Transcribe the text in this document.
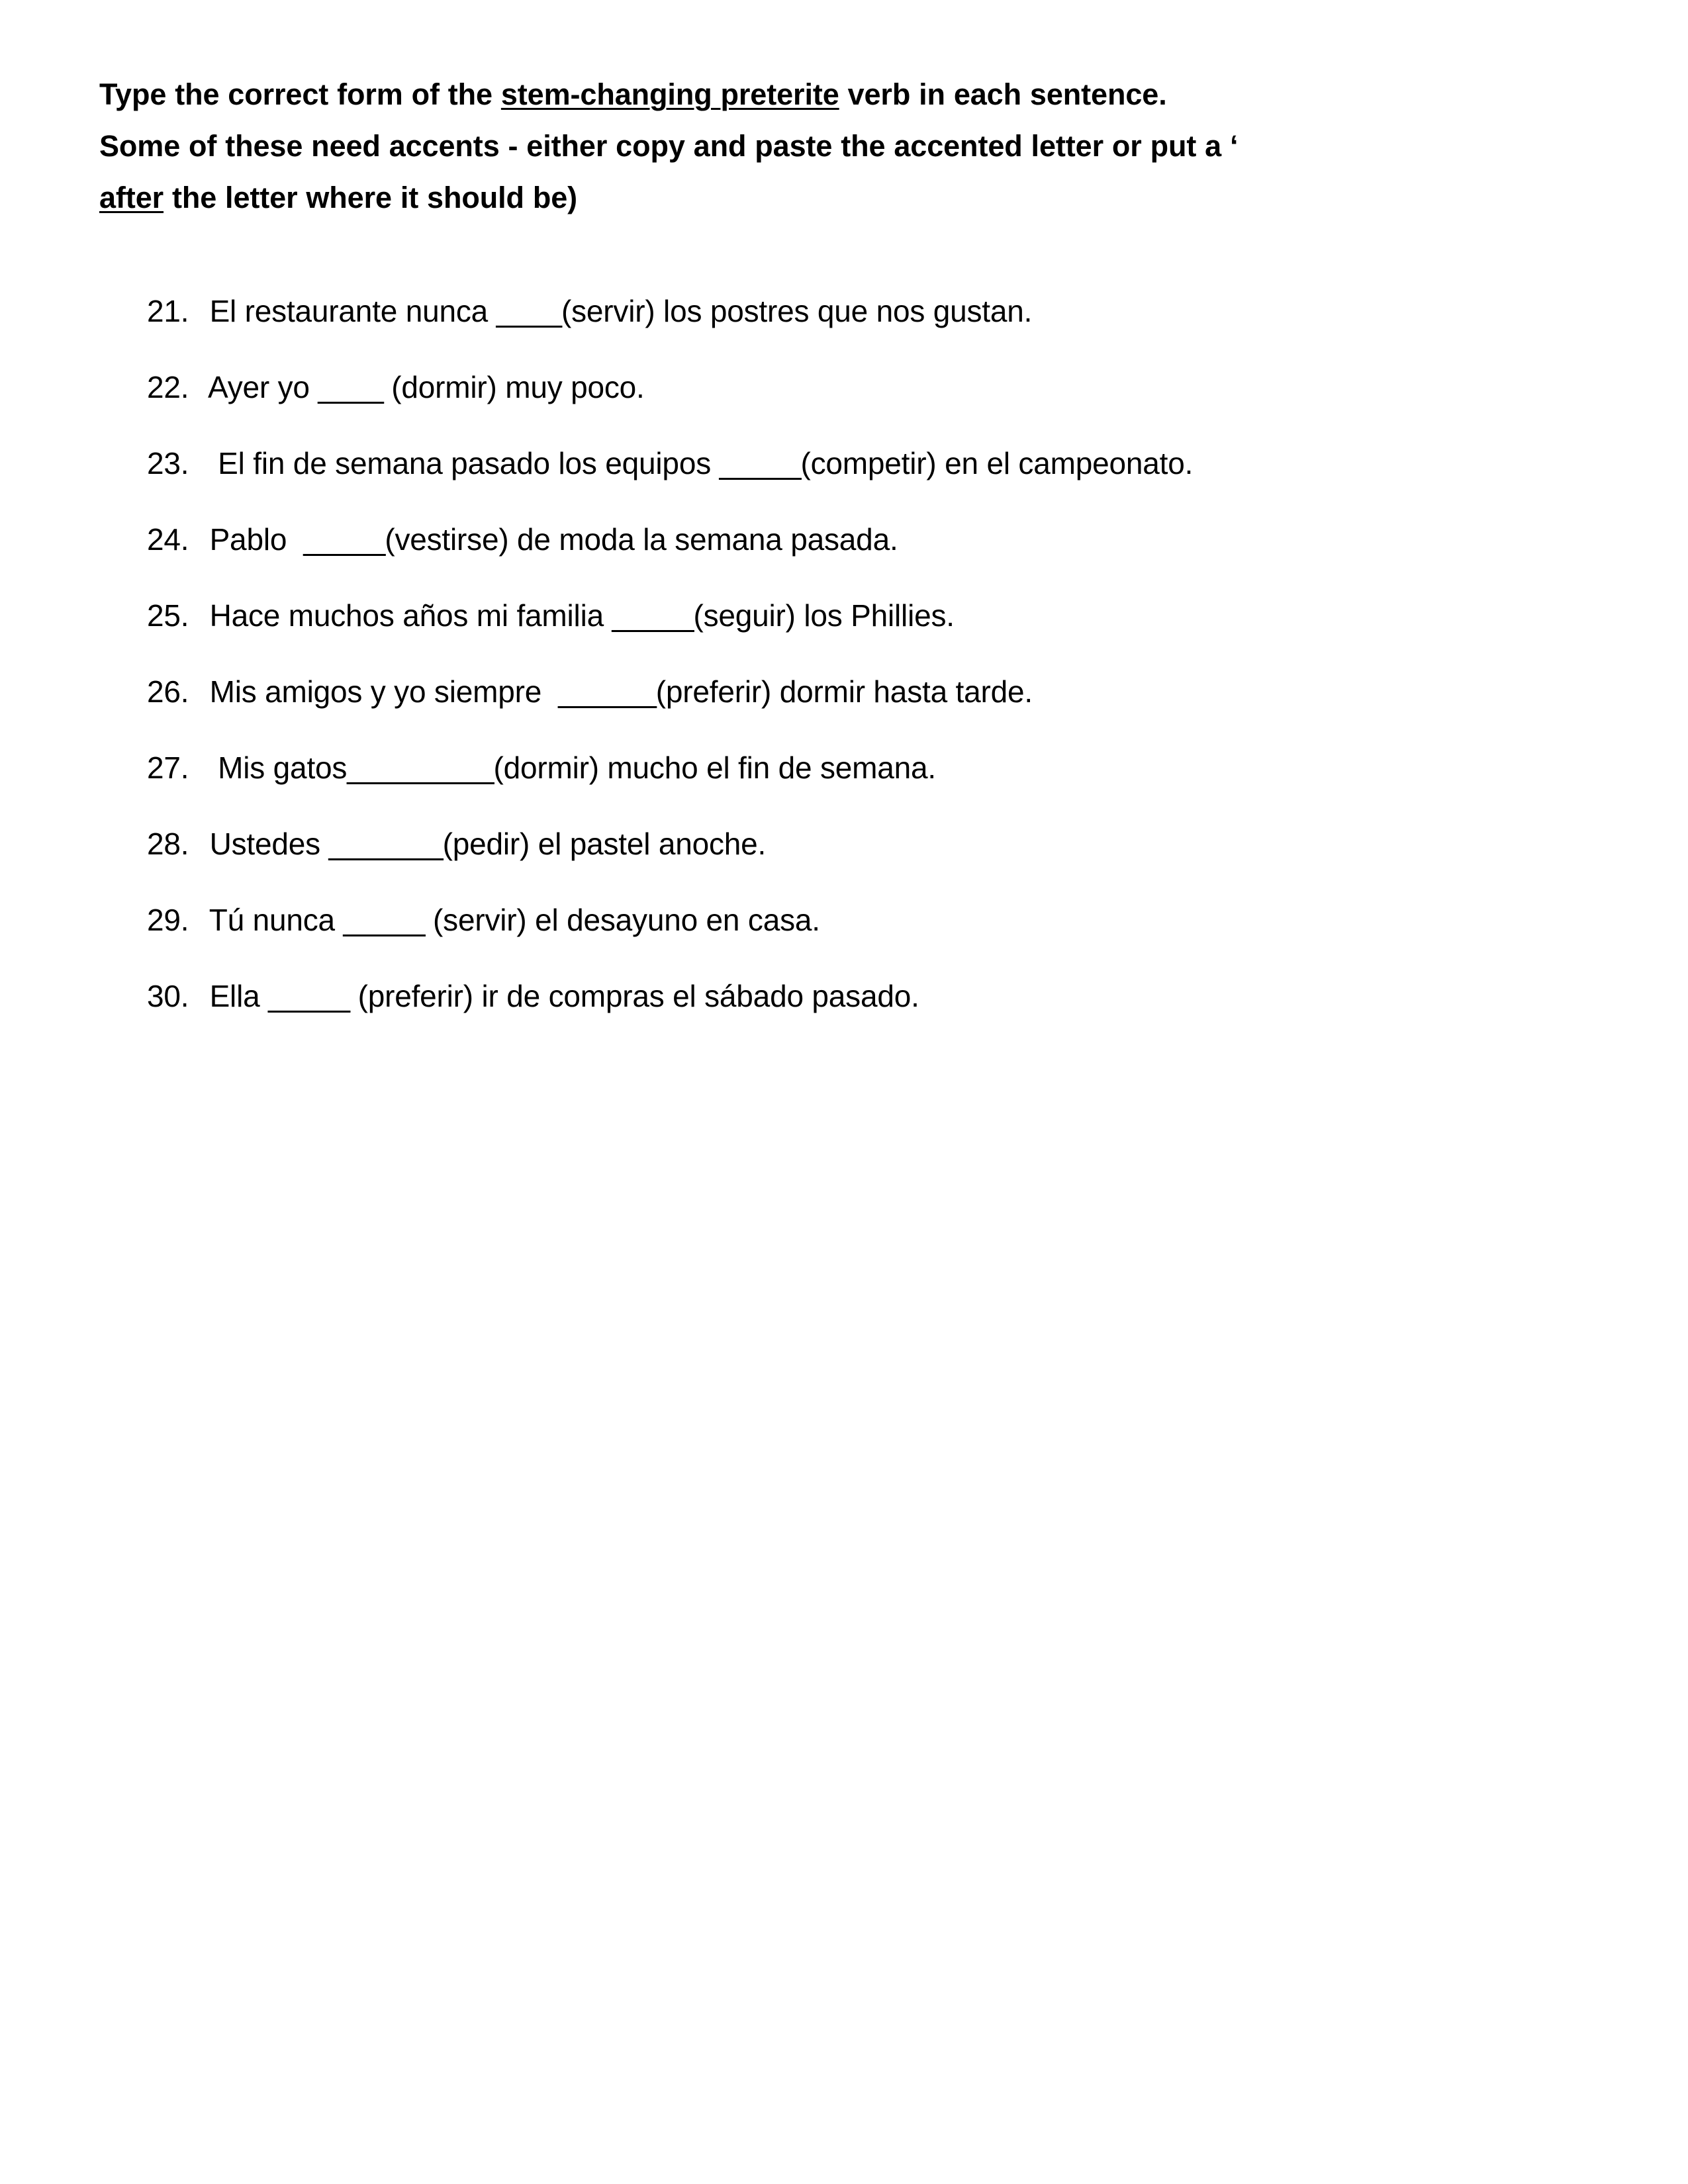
Type the correct form of the stem-changing preterite verb in each sentence.
Some of these need accents - either copy and paste the accented letter or put a ‘
after the letter where it should be)
21. El restaurante nunca ____(servir) los postres que nos gustan.
22. Ayer yo ____ (dormir) muy poco.
23.  El fin de semana pasado los equipos _____(competir) en el campeonato.
24. Pablo  _____(vestirse) de moda la semana pasada.
25. Hace muchos años mi familia _____(seguir) los Phillies.
26. Mis amigos y yo siempre  ______(preferir) dormir hasta tarde.
27.  Mis gatos_________(dormir) mucho el fin de semana.
28. Ustedes _______(pedir) el pastel anoche.
29. Tú nunca _____ (servir) el desayuno en casa.
30. Ella _____ (preferir) ir de compras el sábado pasado.
